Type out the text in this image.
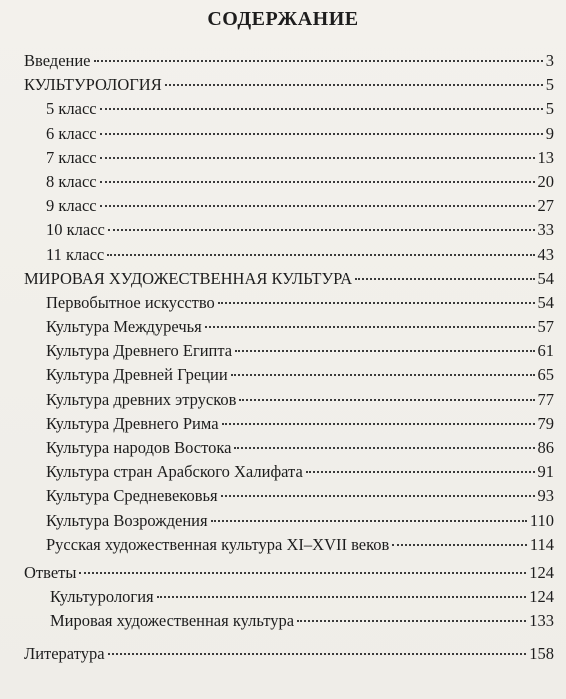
СОДЕРЖАНИЕ
Введение	3
КУЛЬТУРОЛОГИЯ	5
5 класс	5
6 класс	9
7 класс	13
8 класс	20
9 класс	27
10 класс	33
11 класс	43
МИРОВАЯ ХУДОЖЕСТВЕННАЯ КУЛЬТУРА	54
Первобытное искусство	54
Культура Междуречья	57
Культура Древнего Египта	61
Культура Древней Греции	65
Культура древних этрусков	77
Культура Древнего Рима	79
Культура народов Востока	86
Культура стран Арабского Халифата	91
Культура Средневековья	93
Культура Возрождения	110
Русская художественная культура XI–XVII веков	114
Ответы	124
Культурология	124
Мировая художественная культура	133
Литература	158
